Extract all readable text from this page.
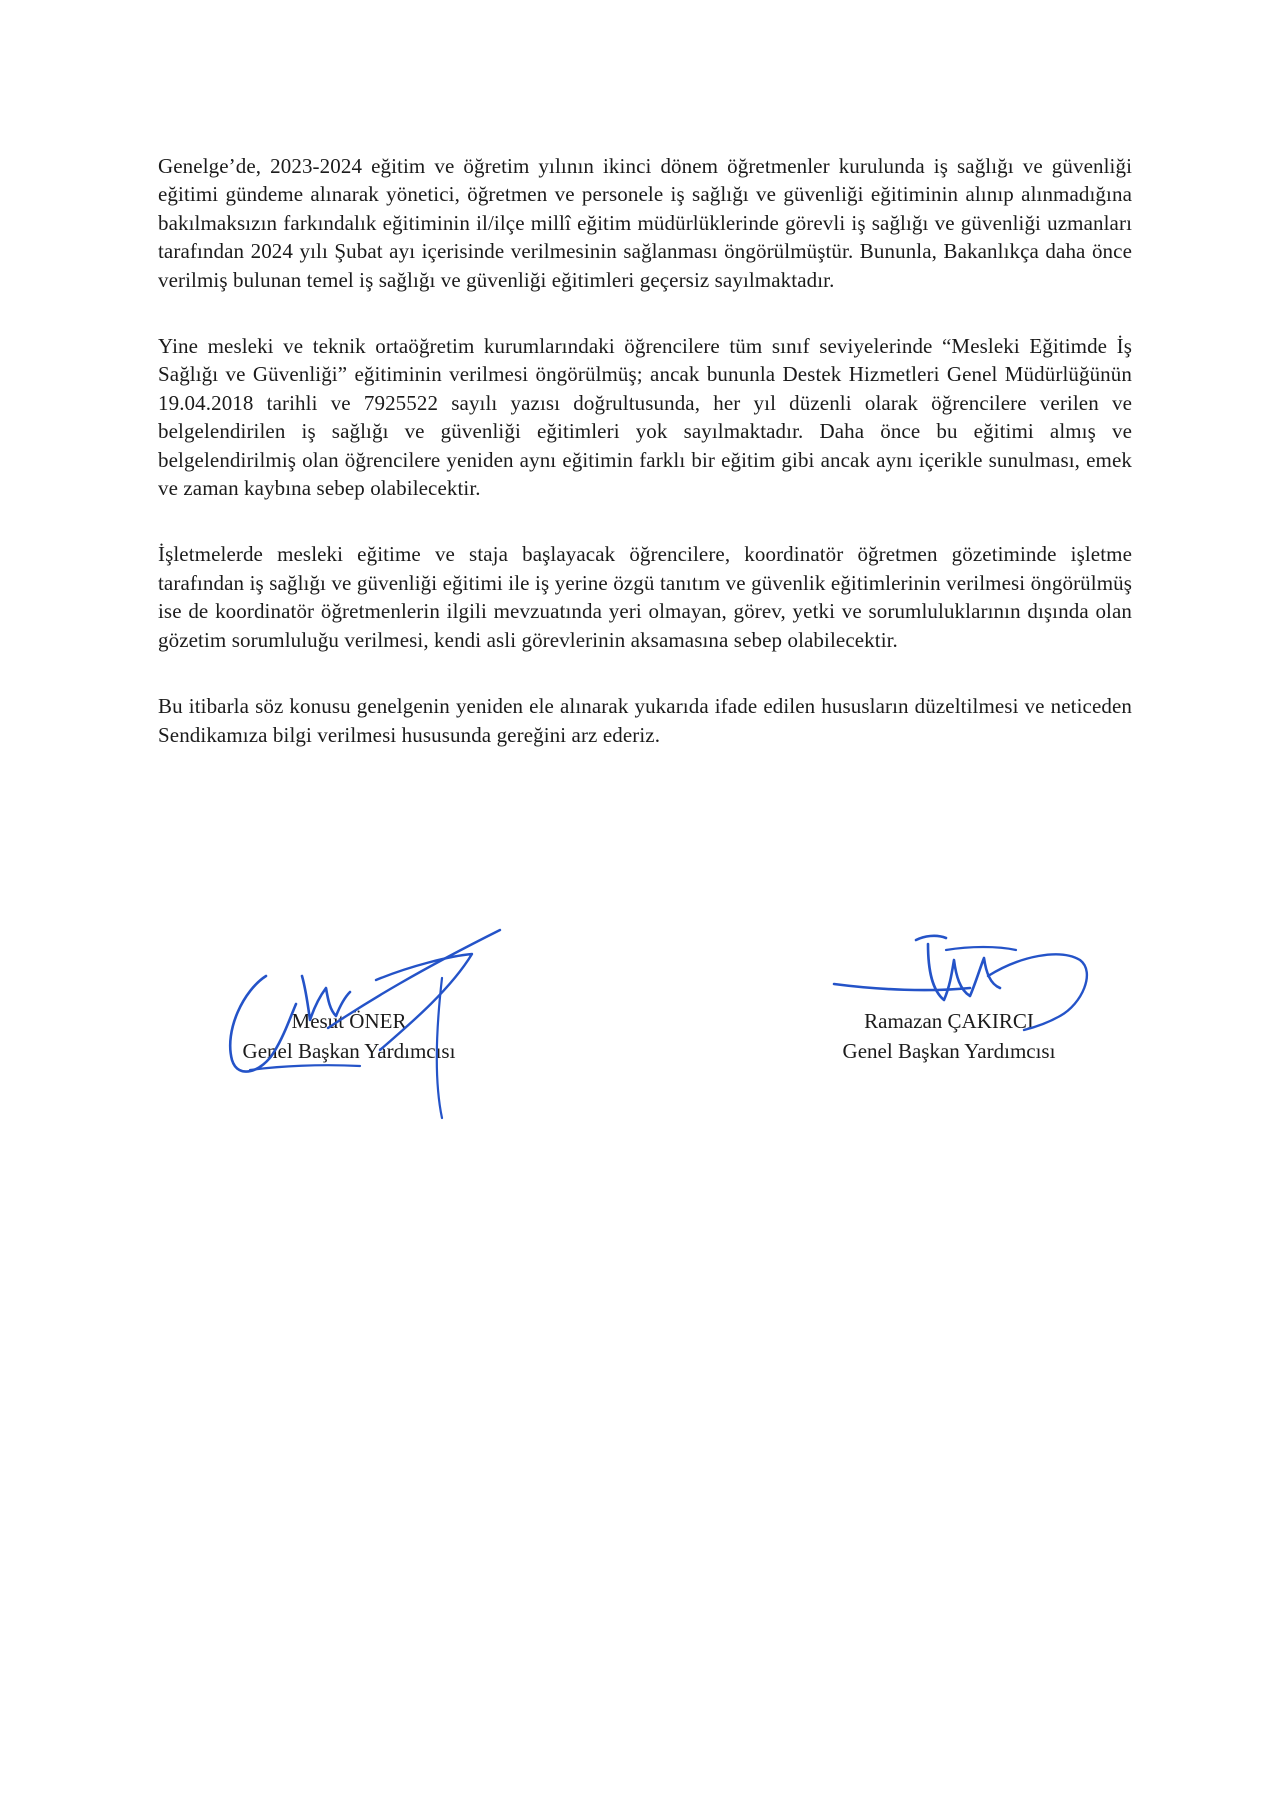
Genelge’de, 2023-2024 eğitim ve öğretim yılının ikinci dönem öğretmenler kurulunda iş sağlığı ve güvenliği eğitimi gündeme alınarak yönetici, öğretmen ve personele iş sağlığı ve güvenliği eğitiminin alınıp alınmadığına bakılmaksızın farkındalık eğitiminin il/ilçe millî eğitim müdürlüklerinde görevli iş sağlığı ve güvenliği uzmanları tarafından 2024 yılı Şubat ayı içerisinde verilmesinin sağlanması öngörülmüştür. Bununla, Bakanlıkça daha önce verilmiş bulunan temel iş sağlığı ve güvenliği eğitimleri geçersiz sayılmaktadır.

Yine mesleki ve teknik ortaöğretim kurumlarındaki öğrencilere tüm sınıf seviyelerinde “Mesleki Eğitimde İş Sağlığı ve Güvenliği” eğitiminin verilmesi öngörülmüş; ancak bununla Destek Hizmetleri Genel Müdürlüğünün 19.04.2018 tarihli ve 7925522 sayılı yazısı doğrultusunda, her yıl düzenli olarak öğrencilere verilen ve belgelendirilen iş sağlığı ve güvenliği eğitimleri yok sayılmaktadır. Daha önce bu eğitimi almış ve belgelendirilmiş olan öğrencilere yeniden aynı eğitimin farklı bir eğitim gibi ancak aynı içerikle sunulması, emek ve zaman kaybına sebep olabilecektir.

İşletmelerde mesleki eğitime ve staja başlayacak öğrencilere, koordinatör öğretmen gözetiminde işletme tarafından iş sağlığı ve güvenliği eğitimi ile iş yerine özgü tanıtım ve güvenlik eğitimlerinin verilmesi öngörülmüş ise de koordinatör öğretmenlerin ilgili mevzuatında yeri olmayan, görev, yetki ve sorumluluklarının dışında olan gözetim sorumluluğu verilmesi, kendi asli görevlerinin aksamasına sebep olabilecektir.

Bu itibarla söz konusu genelgenin yeniden ele alınarak yukarıda ifade edilen hususların düzeltilmesi ve neticeden Sendikamıza bilgi verilmesi hususunda gereğini arz ederiz.

Mesut ÖNER
Genel Başkan Yardımcısı
Ramazan ÇAKIRCI
Genel Başkan Yardımcısı
